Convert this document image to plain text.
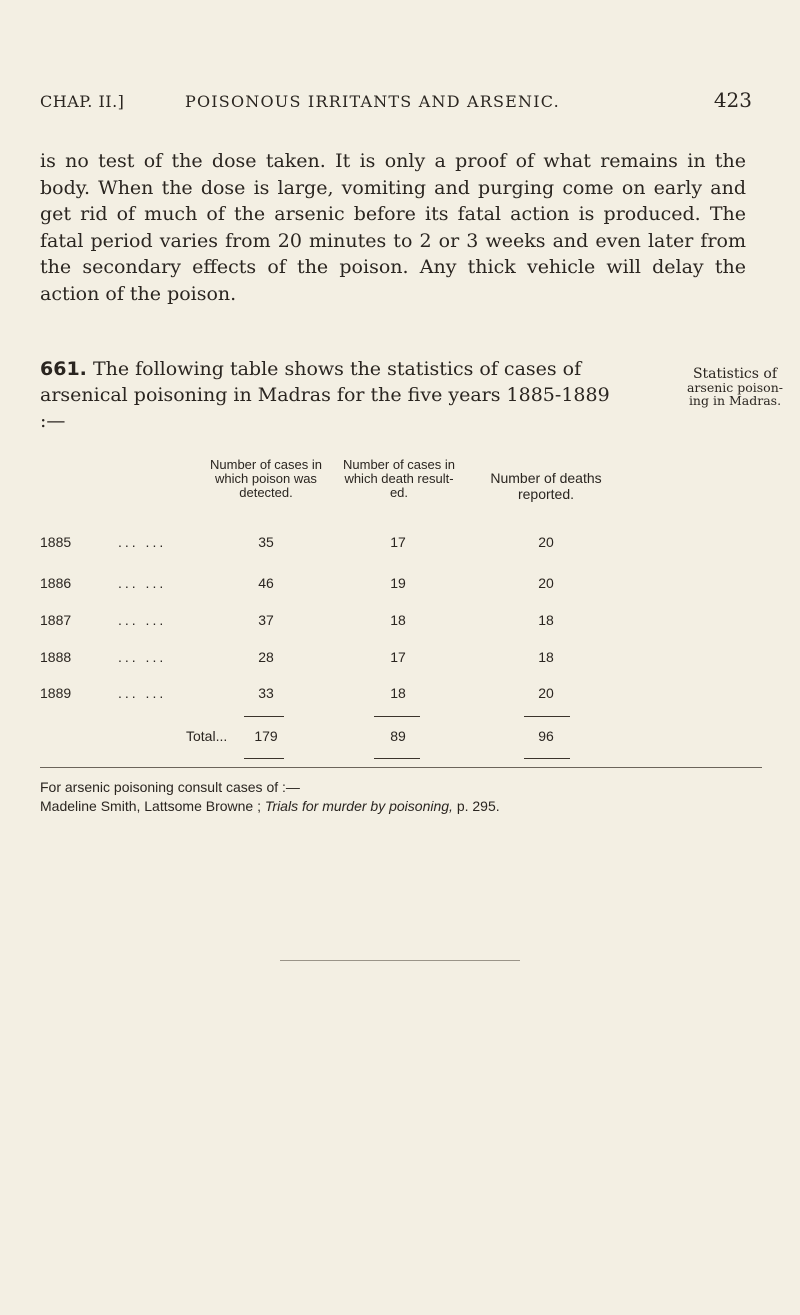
CHAP. II.]	POISONOUS IRRITANTS AND ARSENIC.	423

is no test of the dose taken. It is only a proof of what remains in the body. When the dose is large, vomiting and purging come on early and get rid of much of the arsenic before its fatal action is produced. The fatal period varies from 20 minutes to 2 or 3 weeks and even later from the secondary effects of the poison. Any thick vehicle will delay the action of the poison.

661. The following table shows the statistics of cases of arsenical poisoning in Madras for the five years 1885-1889 :—

Statistics of
arsenic poison-
ing in Madras.
Number of cases in which poison was detected.
Number of cases in which death result-ed.
Number of deaths reported.
1885	... ...	35	17	20
1886	... ...	46	19	20
1887	... ...	37	18	18
1888	... ...	28	17	18
1889	... ...	33	18	20
Total...	179	89	96
For arsenic poisoning consult cases of :—
Madeline Smith, Lattsome Browne ; Trials for murder by poisoning, p. 295.
